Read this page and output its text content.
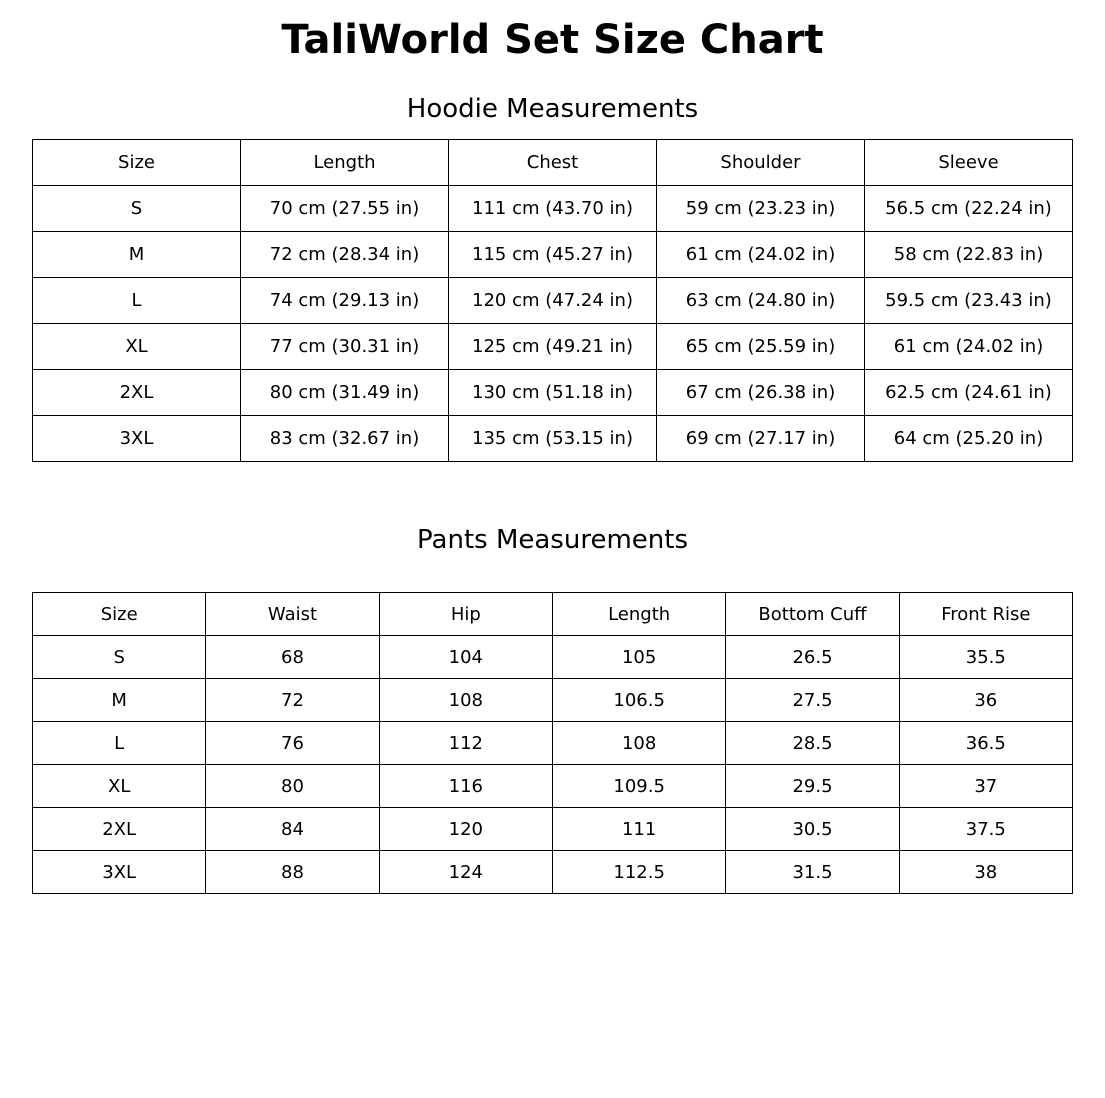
TaliWorld Set Size Chart
Hoodie Measurements
Size	Length	Chest	Shoulder	Sleeve
S	70 cm (27.55 in)	111 cm (43.70 in)	59 cm (23.23 in)	56.5 cm (22.24 in)
M	72 cm (28.34 in)	115 cm (45.27 in)	61 cm (24.02 in)	58 cm (22.83 in)
L	74 cm (29.13 in)	120 cm (47.24 in)	63 cm (24.80 in)	59.5 cm (23.43 in)
XL	77 cm (30.31 in)	125 cm (49.21 in)	65 cm (25.59 in)	61 cm (24.02 in)
2XL	80 cm (31.49 in)	130 cm (51.18 in)	67 cm (26.38 in)	62.5 cm (24.61 in)
3XL	83 cm (32.67 in)	135 cm (53.15 in)	69 cm (27.17 in)	64 cm (25.20 in)
Pants Measurements
Size	Waist	Hip	Length	Bottom Cuff	Front Rise
S	68	104	105	26.5	35.5
M	72	108	106.5	27.5	36
L	76	112	108	28.5	36.5
XL	80	116	109.5	29.5	37
2XL	84	120	111	30.5	37.5
3XL	88	124	112.5	31.5	38
